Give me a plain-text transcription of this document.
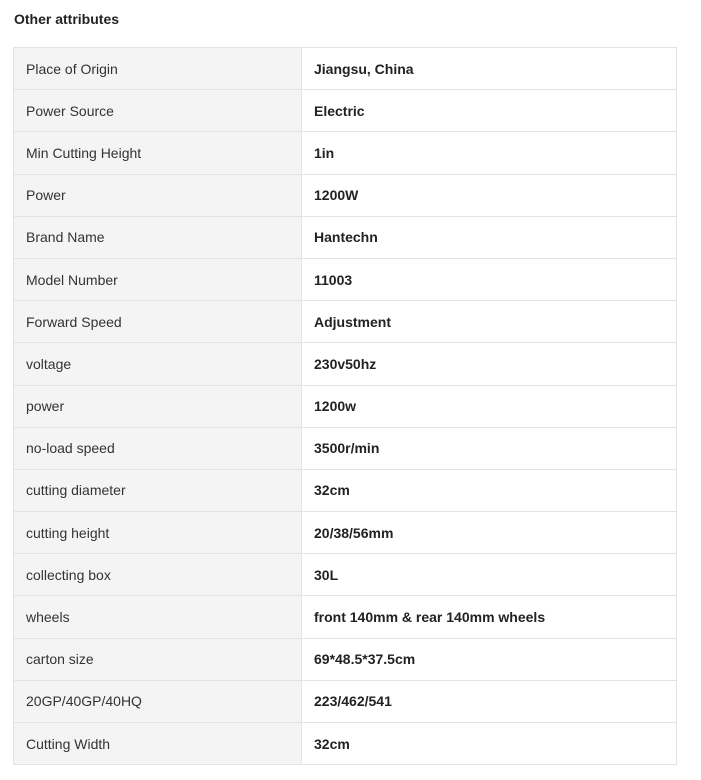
Other attributes
Place of Origin	Jiangsu, China
Power Source	Electric
Min Cutting Height	1in
Power	1200W
Brand Name	Hantechn
Model Number	11003
Forward Speed	Adjustment
voltage	230v50hz
power	1200w
no-load speed	3500r/min
cutting diameter	32cm
cutting height	20/38/56mm
collecting box	30L
wheels	front 140mm & rear 140mm wheels
carton size	69*48.5*37.5cm
20GP/40GP/40HQ	223/462/541
Cutting Width	32cm
